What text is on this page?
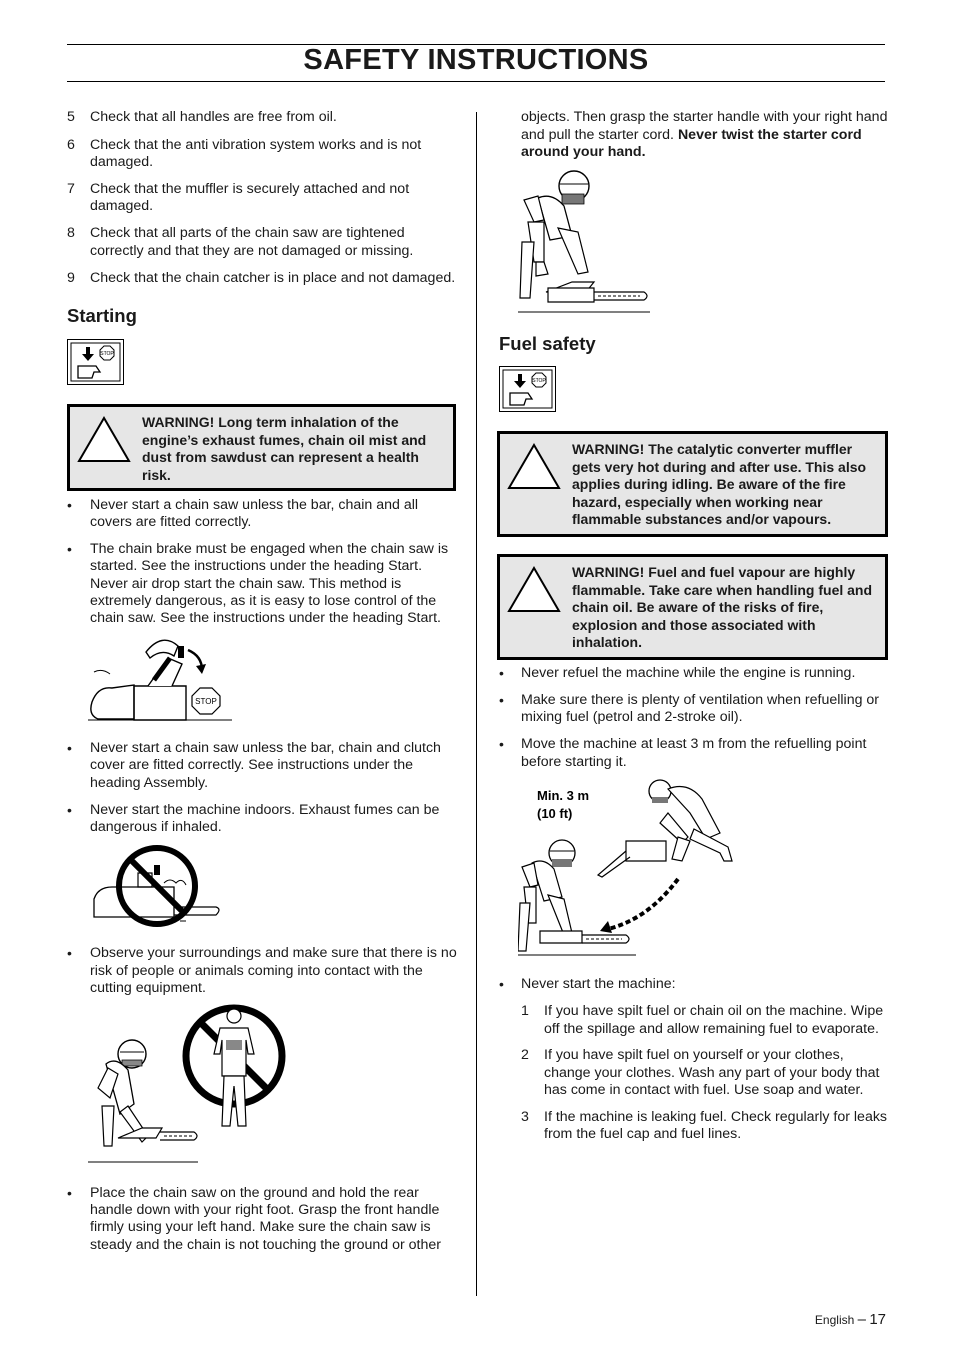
SAFETY INSTRUCTIONS
5 Check that all handles are free from oil.
6 Check that the anti vibration system works and is not
damaged.
7 Check that the muffler is securely attached and not
damaged.
8 Check that all parts of the chain saw are tightened
correctly and that they are not damaged or missing.
9 Check that the chain catcher is in place and not damaged.
Starting
STOP
WARNING! Long term inhalation of the
engine’s exhaust fumes, chain oil mist and
dust from sawdust can represent a health
risk.
• Never start a chain saw unless the bar, chain and all
covers are fitted correctly.
• The chain brake must be engaged when the chain saw is
started. See the instructions under the heading Start.
Never air drop start the chain saw. This method is
extremely dangerous, as it is easy to lose control of the
chain saw. See the instructions under the heading Start.
STOP
• Never start a chain saw unless the bar, chain and clutch
cover are fitted correctly. See instructions under the
heading Assembly.
• Never start the machine indoors. Exhaust fumes can be
dangerous if inhaled.
• Observe your surroundings and make sure that there is no
risk of people or animals coming into contact with the
cutting equipment.
• Place the chain saw on the ground and hold the rear
handle down with your right foot. Grasp the front handle
firmly using your left hand. Make sure the chain saw is
steady and the chain is not touching the ground or other
objects. Then grasp the starter handle with your right hand
and pull the starter cord. Never twist the starter cord
around your hand.
Fuel safety
STOP
WARNING! The catalytic converter muffler
gets very hot during and after use. This also
applies during idling. Be aware of the fire
hazard, especially when working near
flammable substances and/or vapours.
WARNING! Fuel and fuel vapour are highly
flammable. Take care when handling fuel and
chain oil. Be aware of the risks of fire,
explosion and those associated with
inhalation.
• Never refuel the machine while the engine is running.
• Make sure there is plenty of ventilation when refuelling or
mixing fuel (petrol and 2-stroke oil).
• Move the machine at least 3 m from the refuelling point
before starting it.
Min. 3 m
(10 ft)
• Never start the machine:
1 If you have spilt fuel or chain oil on the machine. Wipe
off the spillage and allow remaining fuel to evaporate.
2 If you have spilt fuel on yourself or your clothes,
change your clothes. Wash any part of your body that
has come in contact with fuel. Use soap and water.
3 If the machine is leaking fuel. Check regularly for leaks
from the fuel cap and fuel lines.
English – 17
